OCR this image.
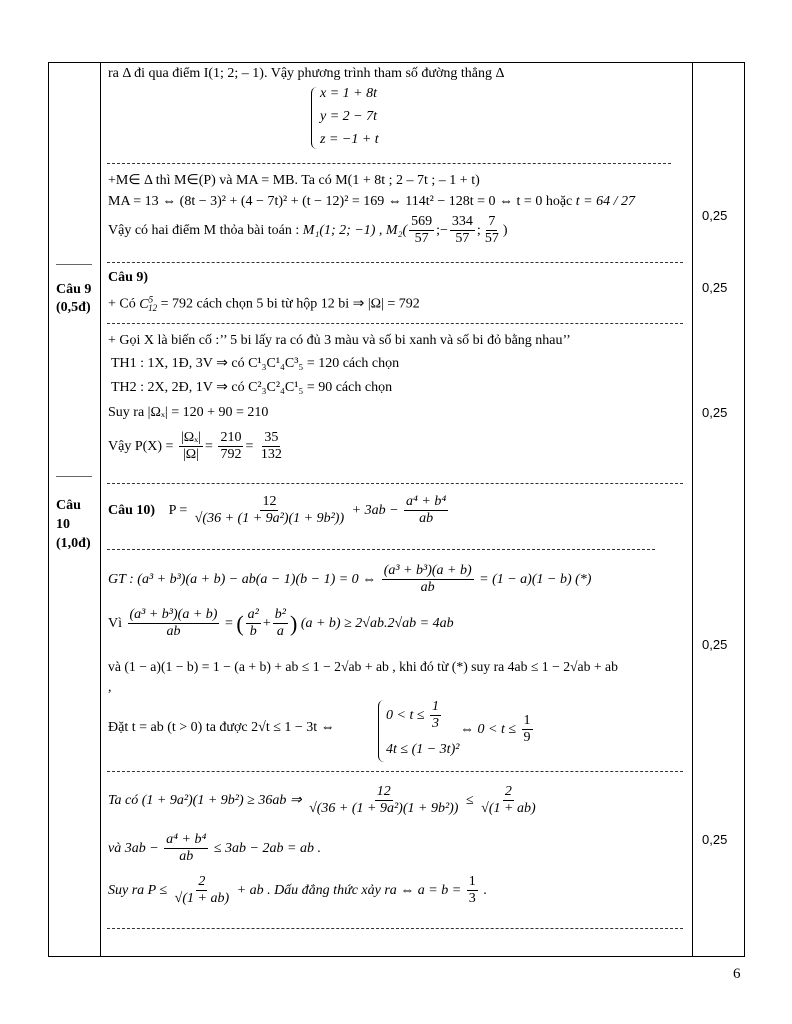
Câu 9
(0,5đ)
Câu
10
(1,0đ)
0,25
0,25
0,25
0,25
0,25
ra Δ đi qua điểm I(1; 2; – 1). Vậy phương trình tham số đường thẳng Δ
x = 1 + 8t
y = 2 − 7t
z = −1 + t
+M∈ Δ thì M∈(P) và MA = MB. Ta có M(1 + 8t ; 2 – 7t ; – 1 + t)
MA = 13 ⇔ (8t − 3)² + (4 − 7t)² + (t − 12)² = 169 ⇔ 114t² − 128t = 0 ⇔ t = 0 hoặc t = 64 / 27
Vậy có hai điểm M thỏa bài toán : M₁(1; 2; −1) , $M_2( \frac{569}{57}$ ;− $\frac{334}{57}$ ; $\frac{7}{57}$ )
Câu 9)
+ Có $C^5_{12} = 792$ cách chọn 5 bi từ hộp 12 bi ⇒ |Ω| = 792
+ Gọi X là biến cố :’’ 5 bi lấy ra có đủ 3 màu và số bi xanh và số bi đỏ bằng nhau’’
TH1 : 1X, 1Đ, 3V ⇒ có C¹₃C¹₄C³₅ = 120 cách chọn
TH2 : 2X, 2Đ, 1V ⇒ có C²₃C²₄C¹₅ = 90 cách chọn
Suy ra |Ωₓ| = 120 + 90 = 210
Vậy $P(X) = \frac{\text{|Ωₓ|}}{|\Omega|} = \frac{210}{792} = \frac{35}{132}$
Câu 10) $P = \frac{12}{\text{√(36 + (1 + 9a²)(1 + 9b²))}} + 3ab - \frac{\text{a⁴ + b⁴}}{ab}$
GT : (a³ + b³)(a + b) − ab(a − 1)(b − 1) = 0 ⇔ $\frac{\text{(a³ + b³)(a + b)}}{ab} = (1 - a)(1 - b)$ (*)
Vì $\frac{\text{(a³ + b³)(a + b)}}{ab}$ = ( $\frac{\text{a²}}{b} + \frac{\text{b²}}{a}$ ) (a + b) ≥ 2√ab.2√ab = 4ab
và (1 − a)(1 − b) = 1 − (a + b) + ab ≤ 1 − 2√ab + ab , khi đó từ (*) suy ra 4ab ≤ 1 − 2√ab + ab
,
Đặt t = ab (t > 0) ta được 2√t ≤ 1 − 3t ⇔
$0 < t \le \frac{1}{3}$
4t ≤ (1 − 3t)²
⇔ $0 < t \le \frac{1}{9}$
Ta có (1 + 9a²)(1 + 9b²) ≥ 36ab ⇒ $\frac{12}{\text{√(36 + (1 + 9a²)(1 + 9b²))}} \le \frac{2}{√(1 + ab)}$
và $3ab - \frac{\text{a⁴ + b⁴}}{ab} \le 3ab - 2ab$ = ab .
Suy ra $P \le \frac{2}{√(1 + ab)}$ + ab . Dấu đẳng thức xảy ra ⇔ $a = b = \frac{1}{3}$ .
6
